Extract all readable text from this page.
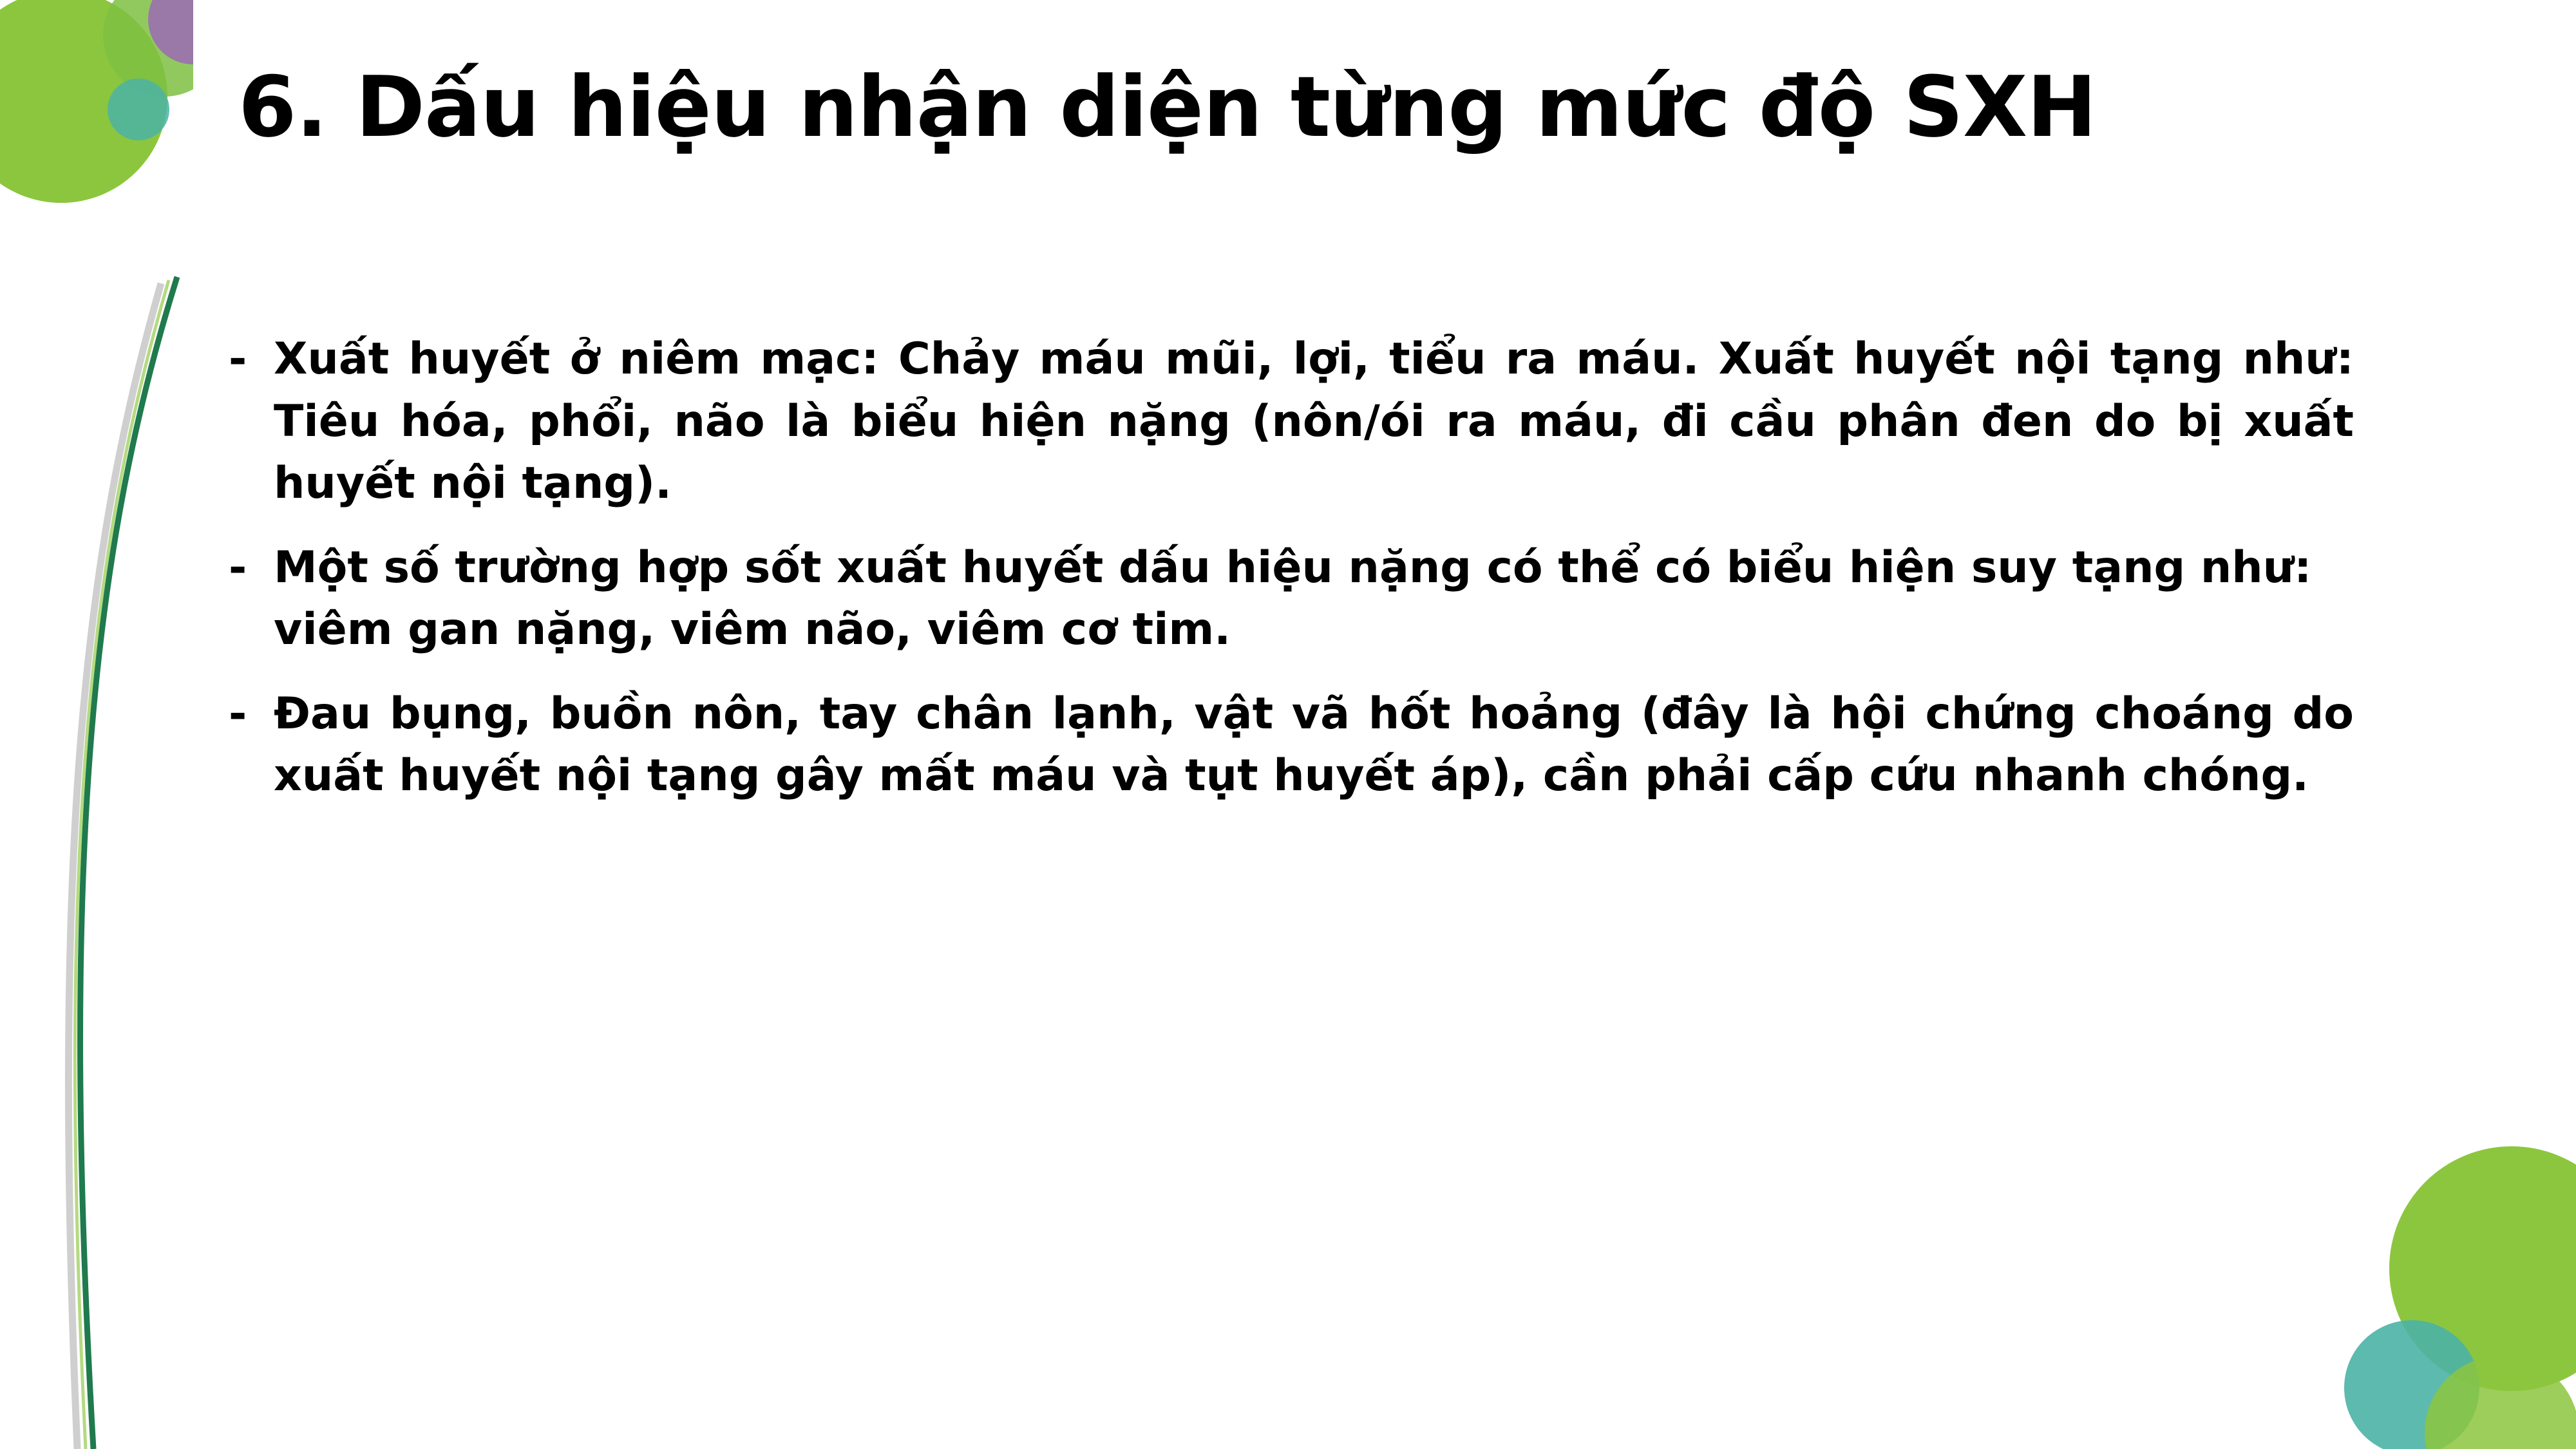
6. Dấu hiệu nhận diện từng mức độ SXH
- Xuất huyết ở niêm mạc: Chảy máu mũi, lợi, tiểu ra máu. Xuất huyết nội tạng như: Tiêu hóa, phổi, não là biểu hiện nặng (nôn/ói ra máu, đi cầu phân đen do bị xuất huyết nội tạng).
- Một số trường hợp sốt xuất huyết dấu hiệu nặng có thể có biểu hiện suy tạng như: viêm gan nặng, viêm não, viêm cơ tim.
- Đau bụng, buồn nôn, tay chân lạnh, vật vã hốt hoảng (đây là hội chứng choáng do xuất huyết nội tạng gây mất máu và tụt huyết áp), cần phải cấp cứu nhanh chóng.
